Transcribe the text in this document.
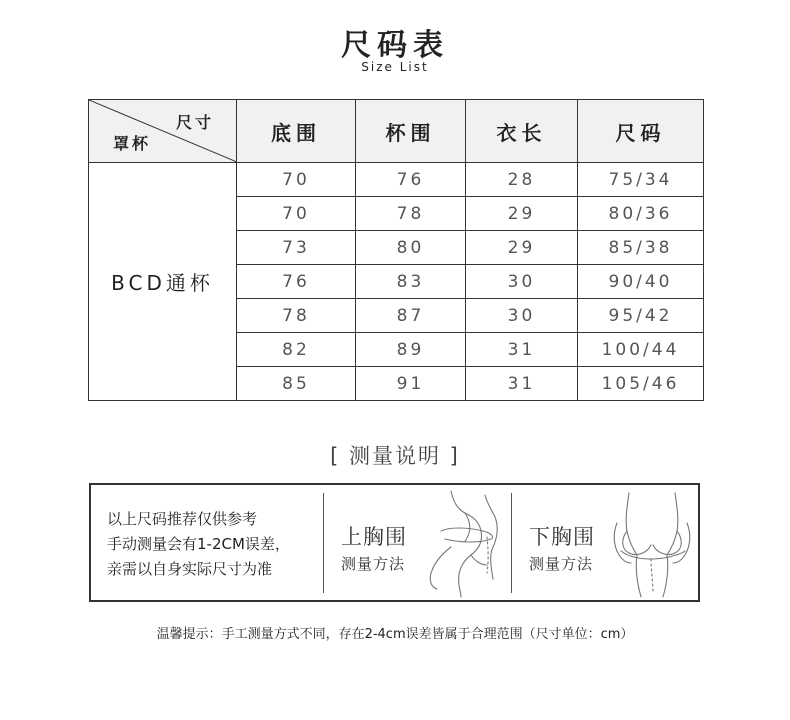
尺码表
Size List
尺寸
罩杯	底围	杯围	衣长	尺码
BCD通杯	70	76	28	75/34
	70	78	29	80/36
	73	80	29	85/38
	76	83	30	90/40
	78	87	30	95/42
	82	89	31	100/44
	85	91	31	105/46
[ 测量说明 ]
以上尺码推荐仅供参考
手动测量会有1-2CM误差，
亲需以自身实际尺寸为准
上胸围
测量方法
下胸围
测量方法
温馨提示：手工测量方式不同，存在2-4cm误差皆属于合理范围（尺寸单位：cm）
